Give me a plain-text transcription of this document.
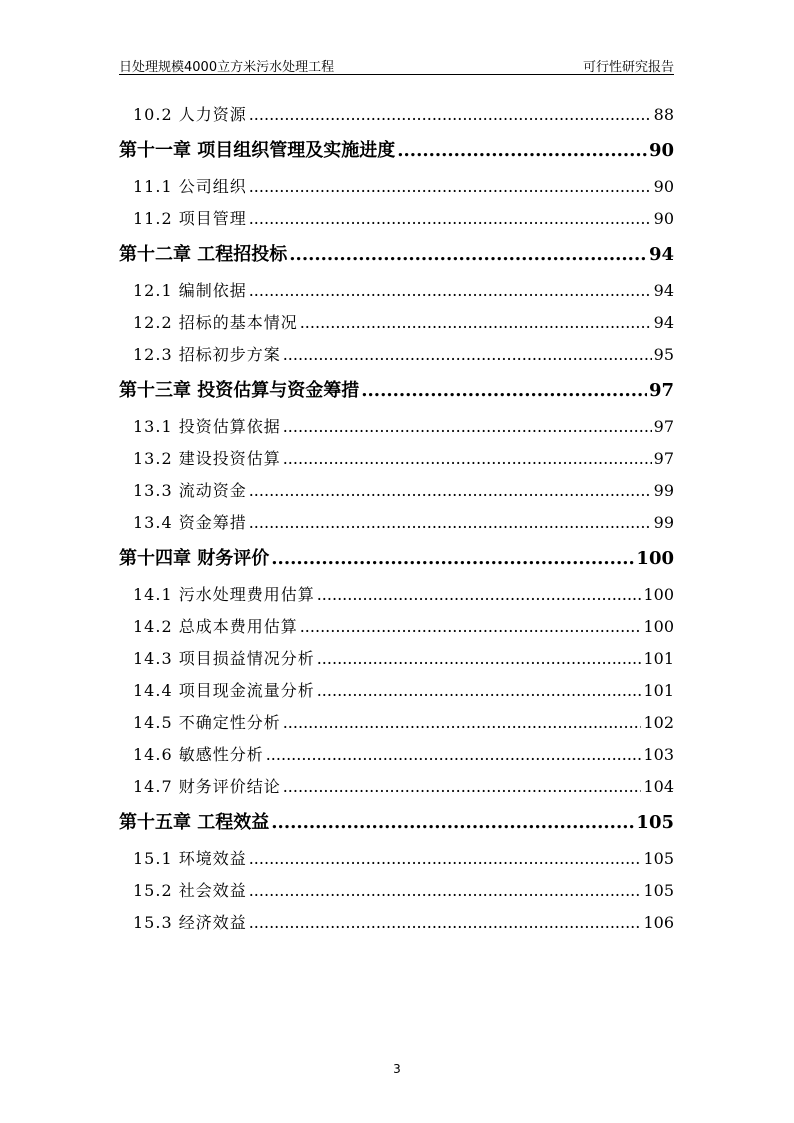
日处理规模4000立方米污水处理工程	可行性研究报告
10.2 人力资源 .....	88
第十一章 项目组织管理及实施进度 .....	90
11.1 公司组织 .....	90
11.2 项目管理 .....	90
第十二章 工程招投标 .....	94
12.1 编制依据 .....	94
12.2 招标的基本情况 .....	94
12.3 招标初步方案 .....	95
第十三章 投资估算与资金筹措 .....	97
13.1 投资估算依据 .....	97
13.2 建设投资估算 .....	97
13.3 流动资金 .....	99
13.4 资金筹措 .....	99
第十四章 财务评价 .....	100
14.1 污水处理费用估算 .....	100
14.2 总成本费用估算 .....	100
14.3 项目损益情况分析 .....	101
14.4 项目现金流量分析 .....	101
14.5 不确定性分析 .....	102
14.6 敏感性分析 .....	103
14.7 财务评价结论 .....	104
第十五章 工程效益 .....	105
15.1 环境效益 .....	105
15.2 社会效益 .....	105
15.3 经济效益 .....	106
3
